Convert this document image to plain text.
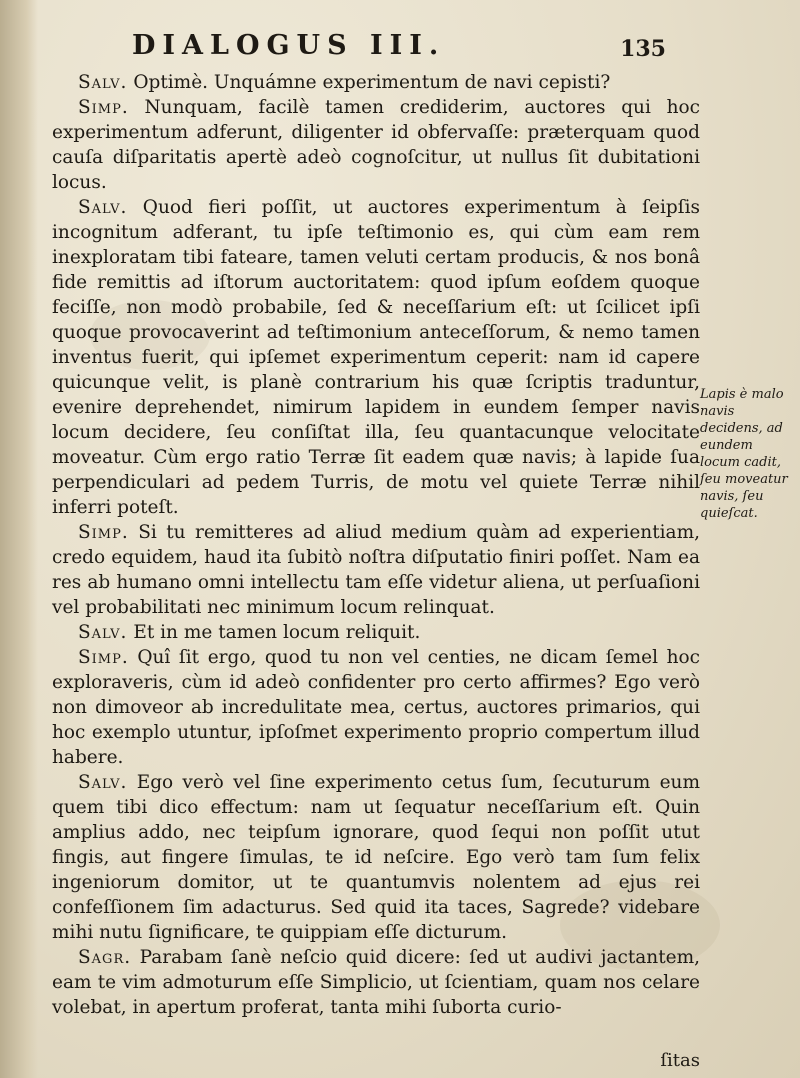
DIALOGUS III.	135

Salv. Optimè. Unquámne experimentum de navi cepisti?

Simp. Nunquam, facilè tamen crediderim, auctores qui hoc experimentum adferunt, diligenter id obfervaſſe: præterquam quod cauſa diſparitatis apertè adeò cognoſcitur, ut nullus ſit dubitationi locus.

Salv. Quod fieri poſſit, ut auctores experimentum à ſeipſis incognitum adferant, tu ipſe teſtimonio es, qui cùm eam rem inexploratam tibi fateare, tamen veluti certam producis, & nos bonâ fide remittis ad iſtorum auctoritatem: quod ipſum eoſdem quoque feciſſe, non modò probabile, ſed & neceſſarium eſt: ut ſcilicet ipſi quoque provocaverint ad teſtimonium anteceſſorum, & nemo tamen inventus fuerit, qui ipſemet experimentum ceperit: nam id capere quicunque velit, is planè contrarium his quæ ſcriptis traduntur, evenire deprehendet, nimirum lapidem in eundem ſemper navis locum decidere, ſeu conſiſtat illa, ſeu quantacunque velocitate moveatur. Cùm ergo ratio Terræ ſit eadem quæ navis; à lapide ſua perpendiculari ad pedem Turris, de motu vel quiete Terræ nihil inferri poteſt.

Simp. Si tu remitteres ad aliud medium quàm ad experientiam, credo equidem, haud ita ſubitò noſtra diſputatio finiri poſſet. Nam ea res ab humano omni intellectu tam eſſe videtur aliena, ut perſuaſioni vel probabilitati nec minimum locum relinquat.

Salv. Et in me tamen locum reliquit.

Simp. Quî ſit ergo, quod tu non vel centies, ne dicam ſemel hoc exploraveris, cùm id adeò confidenter pro certo affirmes? Ego verò non dimoveor ab incredulitate mea, certus, auctores primarios, qui hoc exemplo utuntur, ipſoſmet experimento proprio compertum illud habere.

Salv. Ego verò vel ſine experimento cetus ſum, ſecuturum eum quem tibi dico effectum: nam ut ſequatur neceſſarium eſt. Quin amplius addo, nec teipſum ignorare, quod ſequi non poſſit utut fingis, aut fingere ſimulas, te id neſcire. Ego verò tam ſum felix ingeniorum domitor, ut te quantumvis nolentem ad ejus rei confeſſionem ſim adacturus. Sed quid ita taces, Sagrede? videbare mihi nutu ſignificare, te quippiam eſſe dicturum.

Sagr. Parabam ſanè neſcio quid dicere: ſed ut audivi jactantem, eam te vim admoturum eſſe Simplicio, ut ſcientiam, quam nos celare volebat, in apertum proferat, tanta mihi ſuborta curio-

Lapis è malo navis decidens, ad eundem locum cadit, ſeu moveatur navis, ſeu quieſcat.
ſitas
